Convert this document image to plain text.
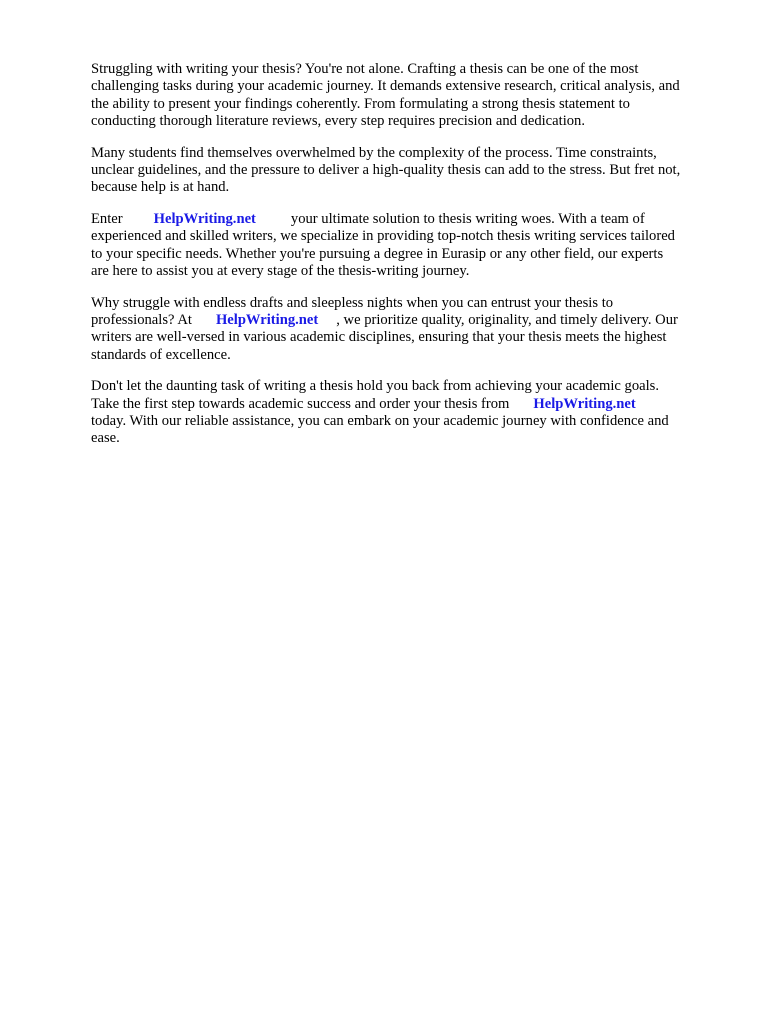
Struggling with writing your thesis? You're not alone. Crafting a thesis can be one of the most
challenging tasks during your academic journey. It demands extensive research, critical analysis, and
the ability to present your findings coherently. From formulating a strong thesis statement to
conducting thorough literature reviews, every step requires precision and dedication.

Many students find themselves overwhelmed by the complexity of the process. Time constraints,
unclear guidelines, and the pressure to deliver a high-quality thesis can add to the stress. But fret not,
because help is at hand.

Enter HelpWriting.net your ultimate solution to thesis writing woes. With a team of
experienced and skilled writers, we specialize in providing top-notch thesis writing services tailored
to your specific needs. Whether you're pursuing a degree in Eurasip or any other field, our experts
are here to assist you at every stage of the thesis-writing journey.

Why struggle with endless drafts and sleepless nights when you can entrust your thesis to
professionals? At HelpWriting.net , we prioritize quality, originality, and timely delivery. Our
writers are well-versed in various academic disciplines, ensuring that your thesis meets the highest
standards of excellence.

Don't let the daunting task of writing a thesis hold you back from achieving your academic goals.
Take the first step towards academic success and order your thesis from HelpWriting.net
today. With our reliable assistance, you can embark on your academic journey with confidence and
ease.
